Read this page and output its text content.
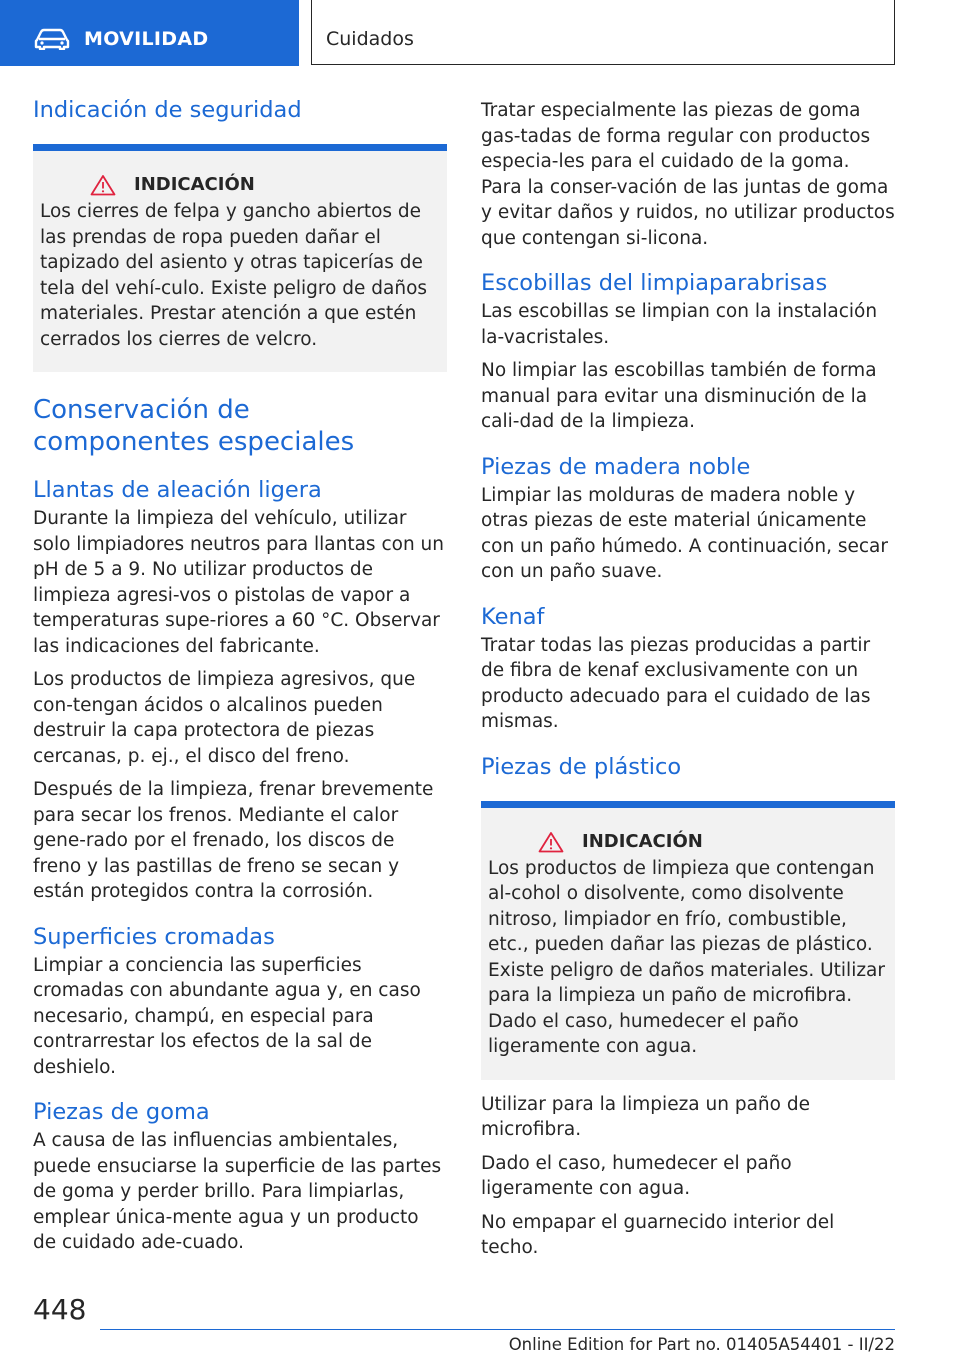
MOVILIDAD	Cuidados
Indicación de seguridad
INDICACIÓN

Los cierres de felpa y gancho abiertos de las prendas de ropa pueden dañar el tapizado del asiento y otras tapicerías de tela del vehí-culo. Existe peligro de daños materiales. Prestar atención a que estén cerrados los cierres de velcro.

Conservación de componentes especiales
Llantas de aleación ligera

Durante la limpieza del vehículo, utilizar solo limpiadores neutros para llantas con un pH de 5 a 9. No utilizar productos de limpieza agresi-vos o pistolas de vapor a temperaturas supe-riores a 60 °C. Observar las indicaciones del fabricante.

Los productos de limpieza agresivos, que con-tengan ácidos o alcalinos pueden destruir la capa protectora de piezas cercanas, p. ej., el disco del freno.

Después de la limpieza, frenar brevemente para secar los frenos. Mediante el calor gene-rado por el frenado, los discos de freno y las pastillas de freno se secan y están protegidos contra la corrosión.

Superficies cromadas

Limpiar a conciencia las superficies cromadas con abundante agua y, en caso necesario, champú, en especial para contrarrestar los efectos de la sal de deshielo.

Piezas de goma

A causa de las influencias ambientales, puede ensuciarse la superficie de las partes de goma y perder brillo. Para limpiarlas, emplear única-mente agua y un producto de cuidado ade-cuado.

Tratar especialmente las piezas de goma gas-tadas de forma regular con productos especia-les para el cuidado de la goma. Para la conser-vación de las juntas de goma y evitar daños y ruidos, no utilizar productos que contengan si-licona.

Escobillas del limpiaparabrisas

Las escobillas se limpian con la instalación la-vacristales.

No limpiar las escobillas también de forma manual para evitar una disminución de la cali-dad de la limpieza.

Piezas de madera noble

Limpiar las molduras de madera noble y otras piezas de este material únicamente con un paño húmedo. A continuación, secar con un paño suave.

Kenaf

Tratar todas las piezas producidas a partir de fibra de kenaf exclusivamente con un producto adecuado para el cuidado de las mismas.

Piezas de plástico
INDICACIÓN

Los productos de limpieza que contengan al-cohol o disolvente, como disolvente nitroso, limpiador en frío, combustible, etc., pueden dañar las piezas de plástico. Existe peligro de daños materiales. Utilizar para la limpieza un paño de microfibra. Dado el caso, humedecer el paño ligeramente con agua.

Utilizar para la limpieza un paño de microfibra.

Dado el caso, humedecer el paño ligeramente con agua.

No empapar el guarnecido interior del techo.

448
Online Edition for Part no. 01405A54401 - II/22
